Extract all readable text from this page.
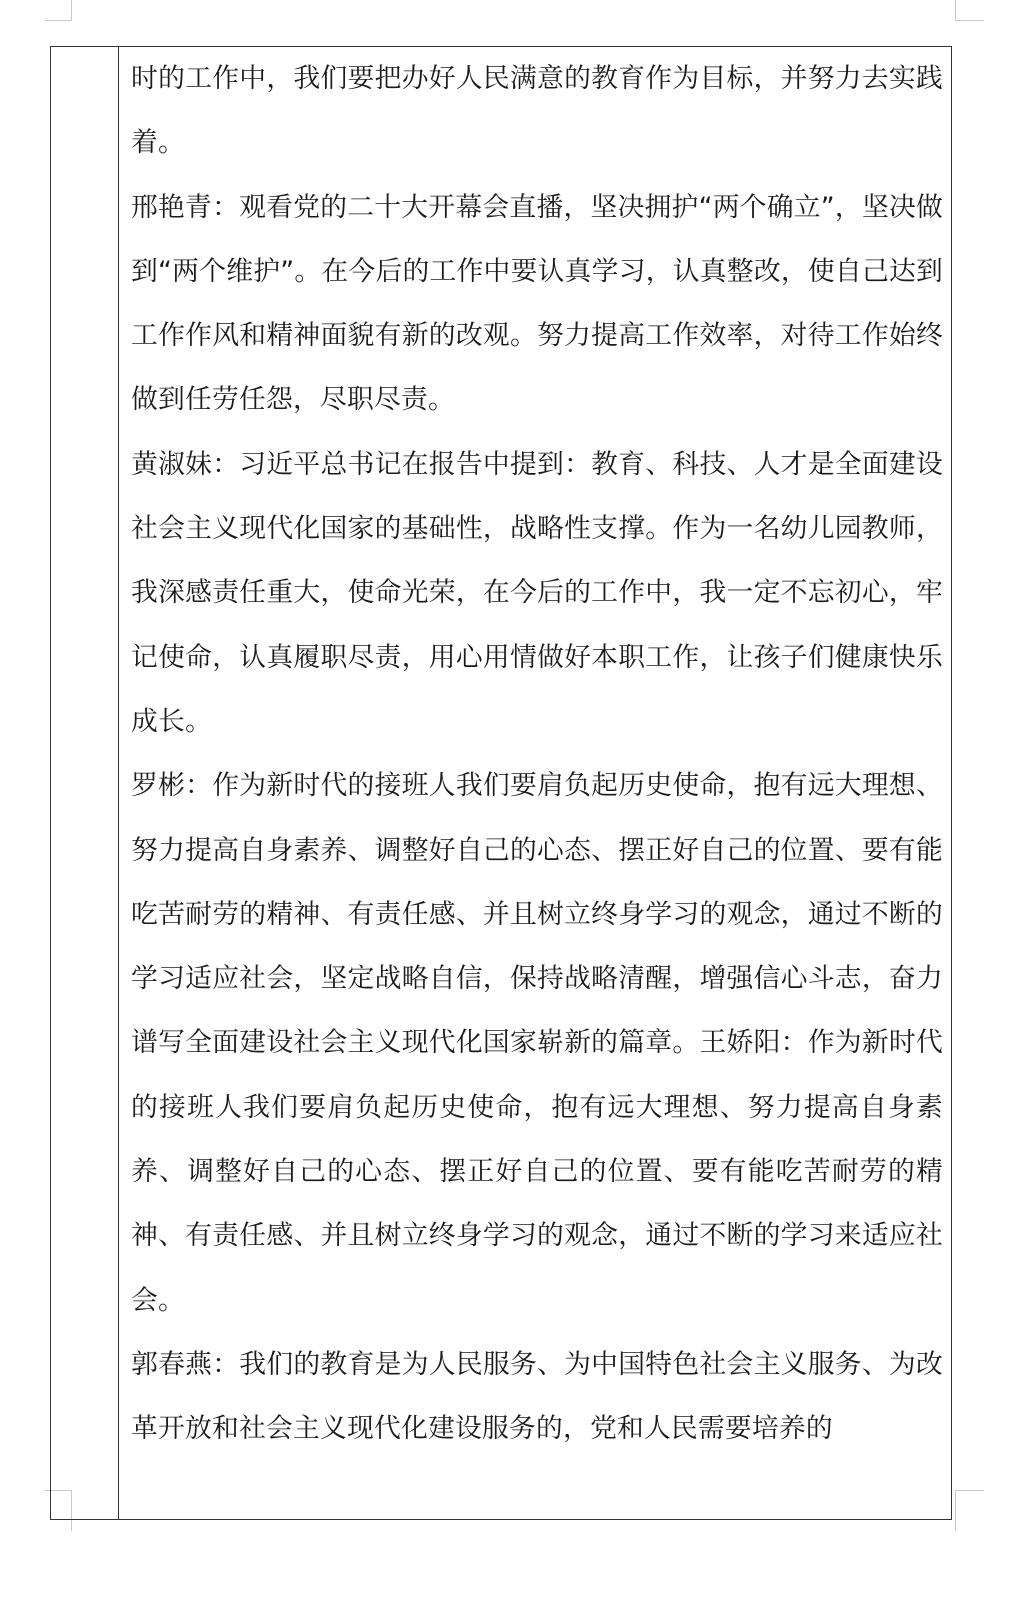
时的工作中，我们要把办好人民满意的教育作为目标，并努力去实践着。

邢艳青：观看党的二十大开幕会直播，坚决拥护“两个确立”，坚决做到“两个维护”。在今后的工作中要认真学习，认真整改，使自己达到工作作风和精神面貌有新的改观。努力提高工作效率，对待工作始终做到任劳任怨，尽职尽责。

黄淑妹：习近平总书记在报告中提到：教育、科技、人才是全面建设社会主义现代化国家的基础性，战略性支撑。作为一名幼儿园教师，我深感责任重大，使命光荣，在今后的工作中，我一定不忘初心，牢记使命，认真履职尽责，用心用情做好本职工作，让孩子们健康快乐成长。

罗彬：作为新时代的接班人我们要肩负起历史使命，抱有远大理想、努力提高自身素养、调整好自己的心态、摆正好自己的位置、要有能吃苦耐劳的精神、有责任感、并且树立终身学习的观念，通过不断的学习适应社会，坚定战略自信，保持战略清醒，增强信心斗志，奋力谱写全面建设社会主义现代化国家崭新的篇章。王娇阳：作为新时代的接班人我们要肩负起历史使命，抱有远大理想、努力提高自身素养、调整好自己的心态、摆正好自己的位置、要有能吃苦耐劳的精神、有责任感、并且树立终身学习的观念，通过不断的学习来适应社会。

郭春燕：我们的教育是为人民服务、为中国特色社会主义服务、为改革开放和社会主义现代化建设服务的，党和人民需要培养的
